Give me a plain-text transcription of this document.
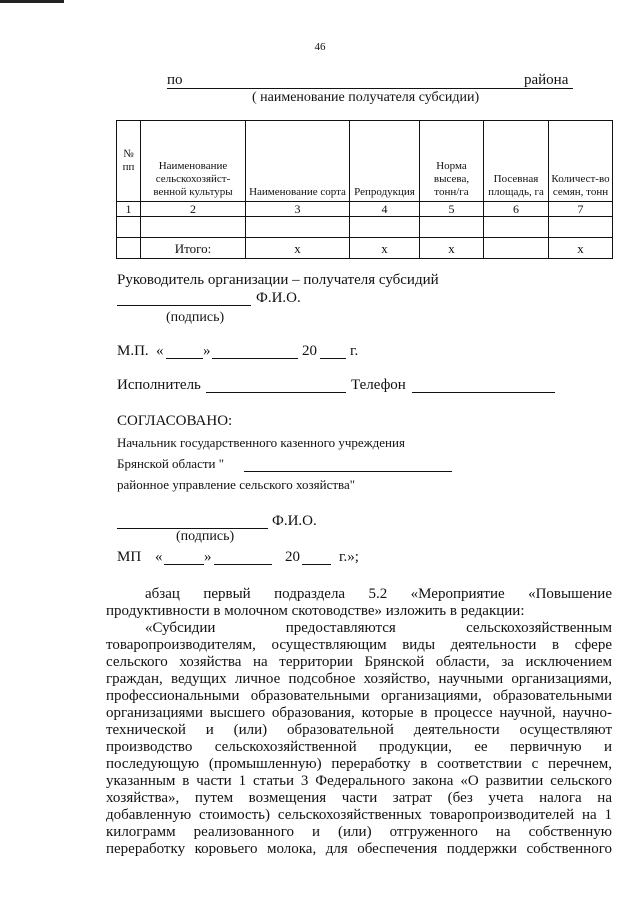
46
по	района
( наименование получателя субсидии)
№ пп	Наименование сельскохозяйст-венной культуры	Наименование сорта	Репродукция	Норма высева, тонн/га	Посевная площадь, га	Количест-во семян, тонн
1	2	3	4	5	6	7

	Итого:	х	х	х		х
Руководитель организации – получателя субсидий
Ф.И.О.
(подпись)
М.П. «	»	20 г.
Исполнитель	Телефон
СОГЛАСОВАНО:
Начальник государственного казенного учреждения
Брянской области "
районное управление сельского хозяйства"
Ф.И.О.
(подпись)
МП «	»	20	г.»;
абзац первый подраздела 5.2 «Мероприятие «Повышение
продуктивности в молочном скотоводстве» изложить в редакции:
«Субсидии предоставляются сельскохозяйственным
товаропроизводителям, осуществляющим виды деятельности в сфере
сельского хозяйства на территории Брянской области, за исключением
граждан, ведущих личное подсобное хозяйство, научными организациями,
профессиональными образовательными организациями, образовательными
организациями высшего образования, которые в процессе научной, научно-
технической и (или) образовательной деятельности осуществляют
производство сельскохозяйственной продукции, ее первичную и
последующую (промышленную) переработку в соответствии с перечнем,
указанным в части 1 статьи 3 Федерального закона «О развитии сельского
хозяйства», путем возмещения части затрат (без учета налога на
добавленную стоимость) сельскохозяйственных товаропроизводителей на 1
килограмм реализованного и (или) отгруженного на собственную
переработку коровьего молока, для обеспечения поддержки собственного
